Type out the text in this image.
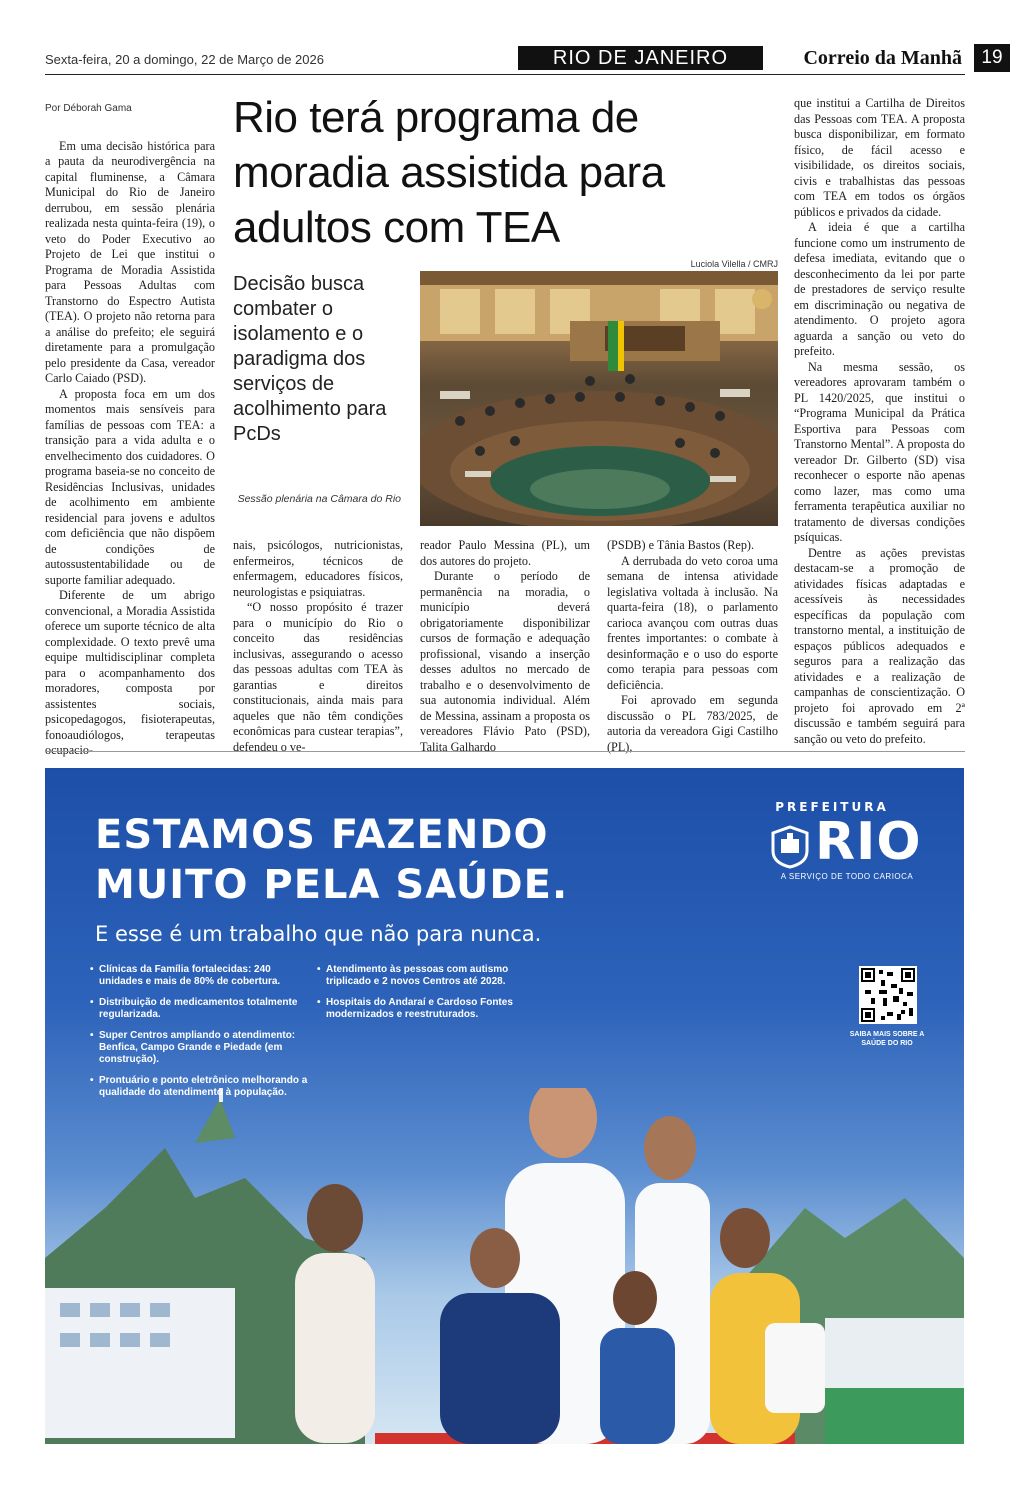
Sexta-feira, 20 a domingo, 22 de Março de 2026	RIO DE JANEIRO	Correio da Manhã	19

Por Déborah Gama

Em uma decisão histórica para a pauta da neurodivergência na capital fluminense, a Câmara Municipal do Rio de Janeiro derrubou, em sessão plenária realizada nesta quinta-feira (19), o veto do Poder Executivo ao Projeto de Lei que institui o Programa de Moradia Assistida para Pessoas Adultas com Transtorno do Espectro Autista (TEA). O projeto não retorna para a análise do prefeito; ele seguirá diretamente para a promulgação pelo presidente da Casa, vereador Carlo Caiado (PSD).

A proposta foca em um dos momentos mais sensíveis para famílias de pessoas com TEA: a transição para a vida adulta e o envelhecimento dos cuidadores. O programa baseia-se no conceito de Residências Inclusivas, unidades de acolhimento em ambiente residencial para jovens e adultos com deficiência que não dispõem de condições de autossustentabilidade ou de suporte familiar adequado.

Diferente de um abrigo convencional, a Moradia Assistida oferece um suporte técnico de alta complexidade. O texto prevê uma equipe multidisciplinar completa para o acompanhamento dos moradores, composta por assistentes sociais, psicopedagogos, fisioterapeutas, fonoaudiólogos, terapeutas ocupacio-

Rio terá programa de moradia assistida para adultos com TEA
Decisão busca combater o isolamento e o paradigma dos serviços de acolhimento para PcDs
Sessão plenária na Câmara do Rio
Luciola Vilella / CMRJ

nais, psicólogos, nutricionistas, enfermeiros, técnicos de enfermagem, educadores físicos, neurologistas e psiquiatras.

“O nosso propósito é trazer para o município do Rio o conceito das residências inclusivas, assegurando o acesso das pessoas adultas com TEA às garantias e direitos constitucionais, ainda mais para aqueles que não têm condições econômicas para custear terapias”, defendeu o ve-

reador Paulo Messina (PL), um dos autores do projeto.

Durante o período de permanência na moradia, o município deverá obrigatoriamente disponibilizar cursos de formação e adequação profissional, visando a inserção desses adultos no mercado de trabalho e o desenvolvimento de sua autonomia individual. Além de Messina, assinam a proposta os vereadores Flávio Pato (PSD), Talita Galhardo

(PSDB) e Tânia Bastos (Rep).

A derrubada do veto coroa uma semana de intensa atividade legislativa voltada à inclusão. Na quarta-feira (18), o parlamento carioca avançou com outras duas frentes importantes: o combate à desinformação e o uso do esporte como terapia para pessoas com deficiência.

Foi aprovado em segunda discussão o PL 783/2025, de autoria da vereadora Gigi Castilho (PL),

que institui a Cartilha de Direitos das Pessoas com TEA. A proposta busca disponibilizar, em formato físico, de fácil acesso e visibilidade, os direitos sociais, civis e trabalhistas das pessoas com TEA em todos os órgãos públicos e privados da cidade.

A ideia é que a cartilha funcione como um instrumento de defesa imediata, evitando que o desconhecimento da lei por parte de prestadores de serviço resulte em discriminação ou negativa de atendimento. O projeto agora aguarda a sanção ou veto do prefeito.

Na mesma sessão, os vereadores aprovaram também o PL 1420/2025, que institui o “Programa Municipal da Prática Esportiva para Pessoas com Transtorno Mental”. A proposta do vereador Dr. Gilberto (SD) visa reconhecer o esporte não apenas como lazer, mas como uma ferramenta terapêutica auxiliar no tratamento de diversas condições psíquicas.

Dentre as ações previstas destacam-se a promoção de atividades físicas adaptadas e acessíveis às necessidades específicas da população com transtorno mental, a instituição de espaços públicos adequados e seguros para a realização das atividades e a realização de campanhas de conscientização. O projeto foi aprovado em 2ª discussão e também seguirá para sanção ou veto do prefeito.

ESTAMOS FAZENDO
MUITO PELA SAÚDE.
E esse é um trabalho que não para nunca.
• Clínicas da Família fortalecidas: 240 unidades e mais de 80% de cobertura.
• Distribuição de medicamentos totalmente regularizada.
• Super Centros ampliando o atendimento: Benfica, Campo Grande e Piedade (em construção).
• Prontuário e ponto eletrônico melhorando a qualidade do atendimento à população.
• Atendimento às pessoas com autismo triplicado e 2 novos Centros até 2028.
• Hospitais do Andaraí e Cardoso Fontes modernizados e reestruturados.
PREFEITURA
RIO
A SERVIÇO DE TODO CARIOCA
SAIBA MAIS SOBRE A SAÚDE DO RIO
